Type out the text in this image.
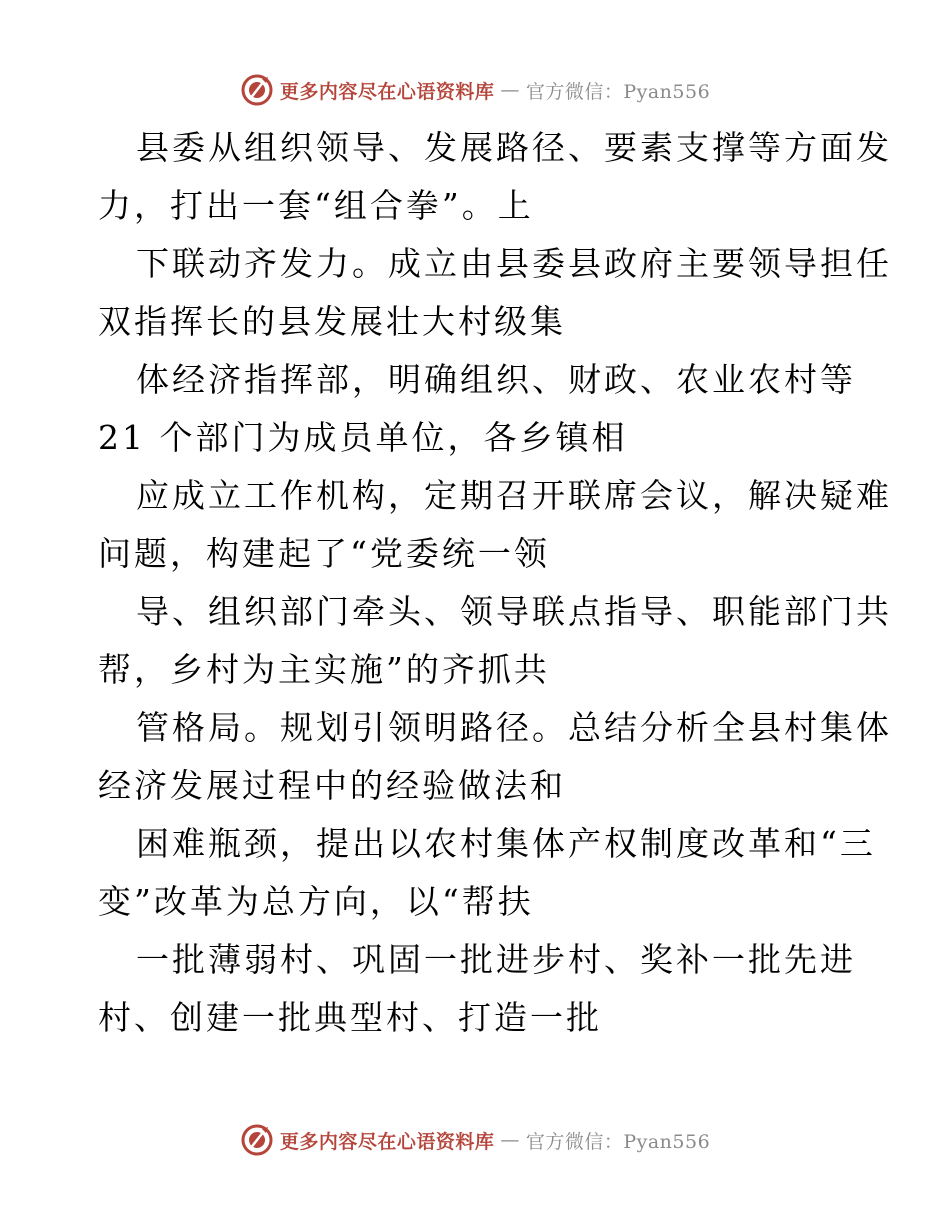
更多内容尽在心语资料库 — 官方微信：Pyan556
县委从组织领导、发展路径、要素支撑等方面发
力，打出一套“组合拳”。上
下联动齐发力。成立由县委县政府主要领导担任
双指挥长的县发展壮大村级集
体经济指挥部，明确组织、财政、农业农村等
21 个部门为成员单位，各乡镇相
应成立工作机构，定期召开联席会议，解决疑难
问题，构建起了“党委统一领
导、组织部门牵头、领导联点指导、职能部门共
帮，乡村为主实施”的齐抓共
管格局。规划引领明路径。总结分析全县村集体
经济发展过程中的经验做法和
困难瓶颈，提出以农村集体产权制度改革和“三
变”改革为总方向，以“帮扶
一批薄弱村、巩固一批进步村、奖补一批先进
村、创建一批典型村、打造一批
更多内容尽在心语资料库 — 官方微信：Pyan556
